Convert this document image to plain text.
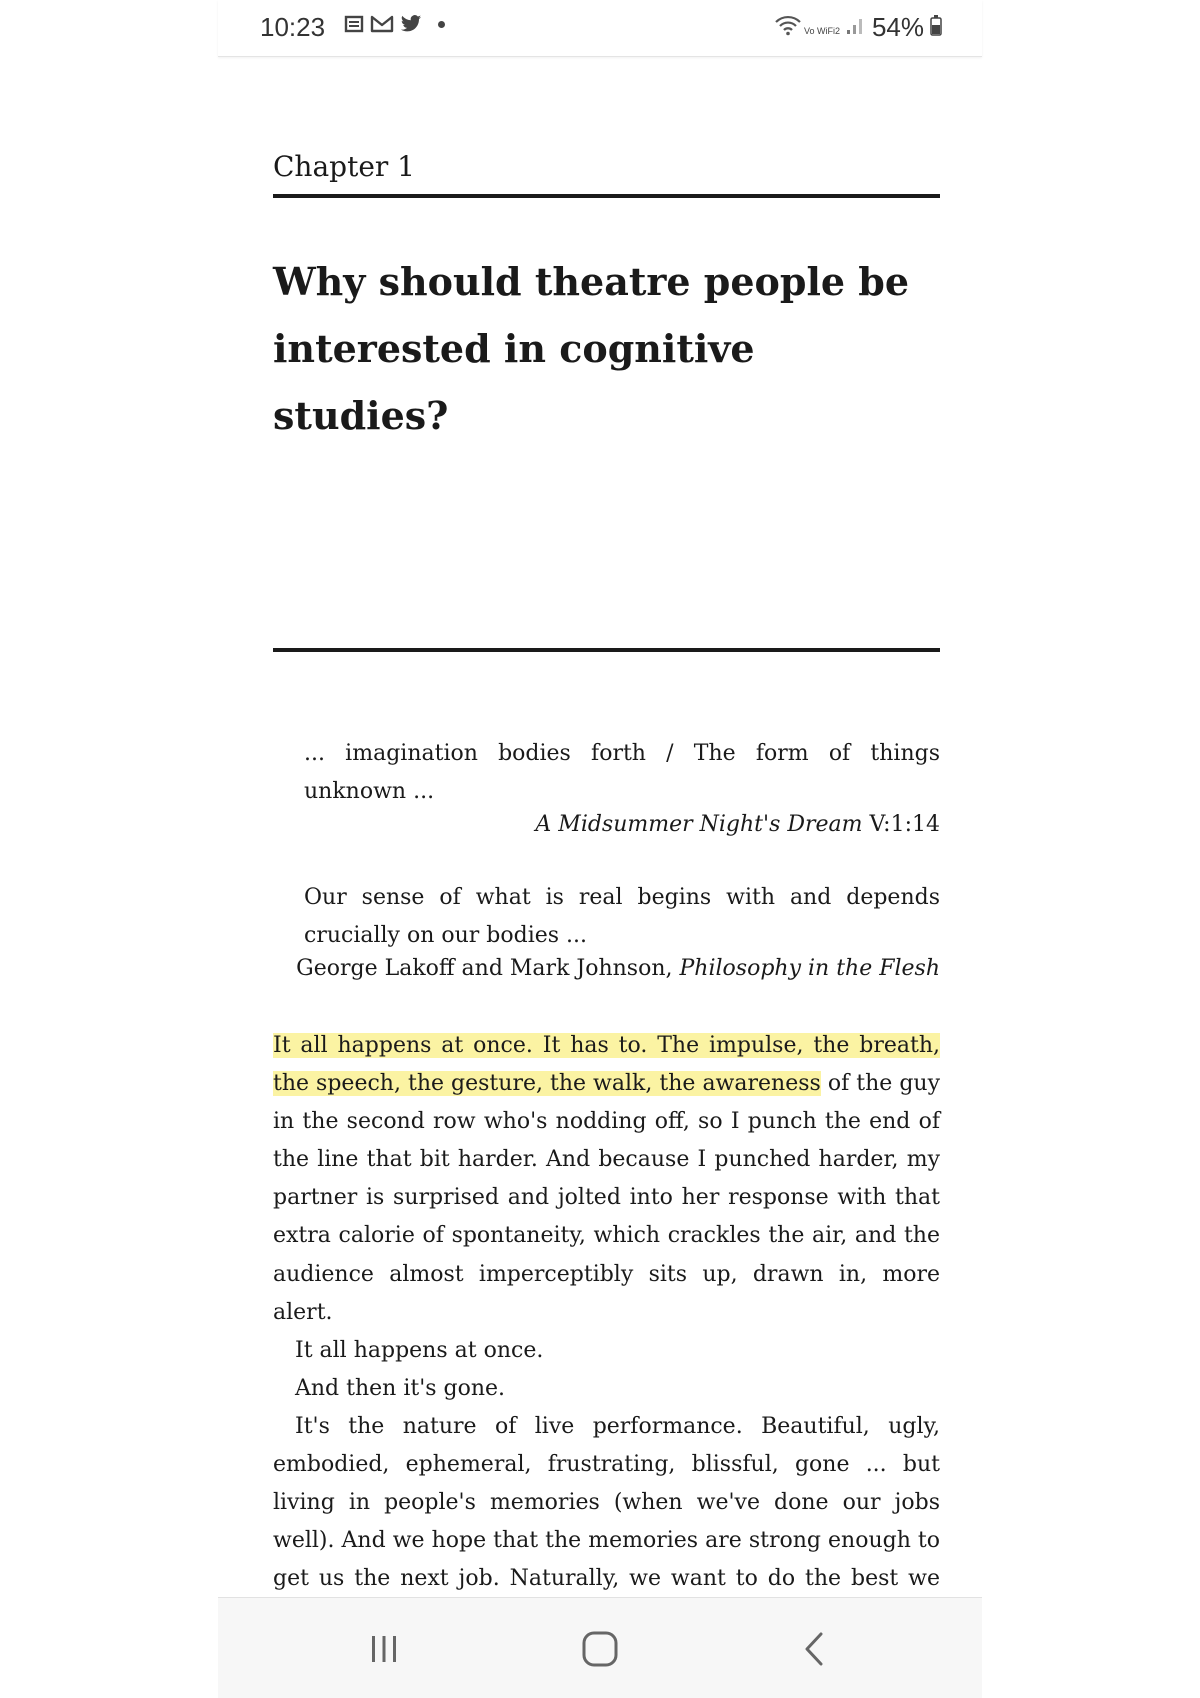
10:23	Vo WiFi2 54%
Chapter 1
Why should theatre people be interested in cognitive studies?

... imagination bodies forth / The form of things unknown ...

A Midsummer Night's Dream V:1:14

Our sense of what is real begins with and depends crucially on our bodies ...

George Lakoff and Mark Johnson, Philosophy in the Flesh

It all happens at once. It has to. The impulse, the breath, the speech, the gesture, the walk, the awareness of the guy in the second row who's nodding off, so I punch the end of the line that bit harder. And because I punched harder, my partner is surprised and jolted into her response with that extra calorie of spontaneity, which crackles the air, and the audience almost imperceptibly sits up, drawn in, more alert.

It all happens at once.

And then it's gone.

It's the nature of live performance. Beautiful, ugly, embodied, ephemeral, frustrating, blissful, gone ... but living in people's memories (when we've done our jobs well). And we hope that the memories are strong enough to get us the next job. Naturally, we want to do the best we
